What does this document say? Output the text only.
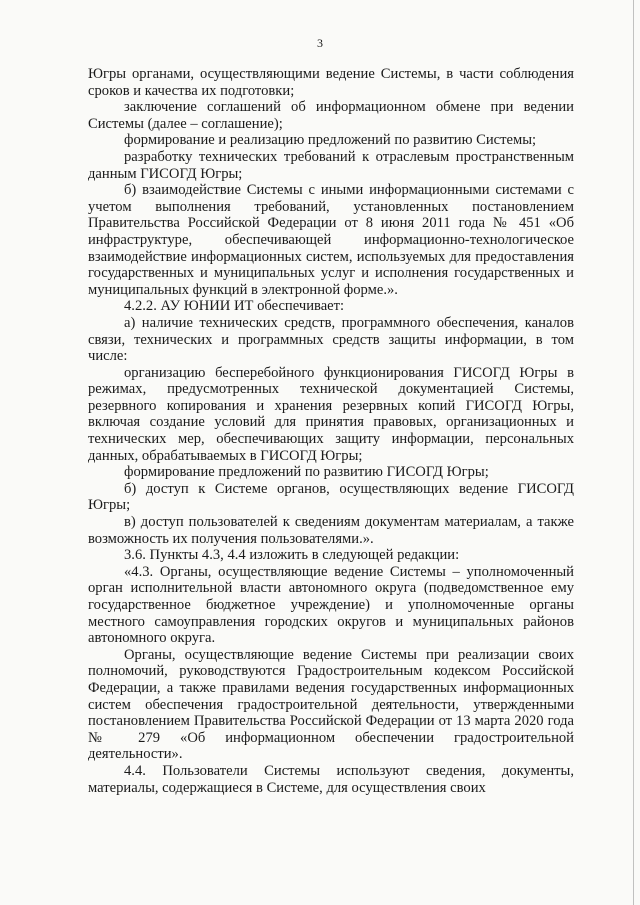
3

Югры органами, осуществляющими ведение Системы, в части соблюдения сроков и качества их подготовки;

заключение соглашений об информационном обмене при ведении Системы (далее – соглашение);

формирование и реализацию предложений по развитию Системы;

разработку технических требований к отраслевым пространственным данным ГИСОГД Югры;

б) взаимодействие Системы с иными информационными системами с учетом выполнения требований, установленных постановлением Правительства Российской Федерации от 8 июня 2011 года № 451 «Об инфраструктуре, обеспечивающей информационно-технологическое взаимодействие информационных систем, используемых для предоставления государственных и муниципальных услуг и исполнения государственных и муниципальных функций в электронной форме.».

4.2.2. АУ ЮНИИ ИТ обеспечивает:

а) наличие технических средств, программного обеспечения, каналов связи, технических и программных средств защиты информации, в том числе:

организацию бесперебойного функционирования ГИСОГД Югры в режимах, предусмотренных технической документацией Системы, резервного копирования и хранения резервных копий ГИСОГД Югры, включая создание условий для принятия правовых, организационных и технических мер, обеспечивающих защиту информации, персональных данных, обрабатываемых в ГИСОГД Югры;

формирование предложений по развитию ГИСОГД Югры;

б) доступ к Системе органов, осуществляющих ведение ГИСОГД Югры;

в) доступ пользователей к сведениям документам материалам, а также возможность их получения пользователями.».

3.6. Пункты 4.3, 4.4 изложить в следующей редакции:

«4.3. Органы, осуществляющие ведение Системы – уполномоченный орган исполнительной власти автономного округа (подведомственное ему государственное бюджетное учреждение) и уполномоченные органы местного самоуправления городских округов и муниципальных районов автономного округа.

Органы, осуществляющие ведение Системы при реализации своих полномочий, руководствуются Градостроительным кодексом Российской Федерации, а также правилами ведения государственных информационных систем обеспечения градостроительной деятельности, утвержденными постановлением Правительства Российской Федерации от 13 марта 2020 года № 279 «Об информационном обеспечении градостроительной деятельности».

4.4. Пользователи Системы используют сведения, документы, материалы, содержащиеся в Системе, для осуществления своих
